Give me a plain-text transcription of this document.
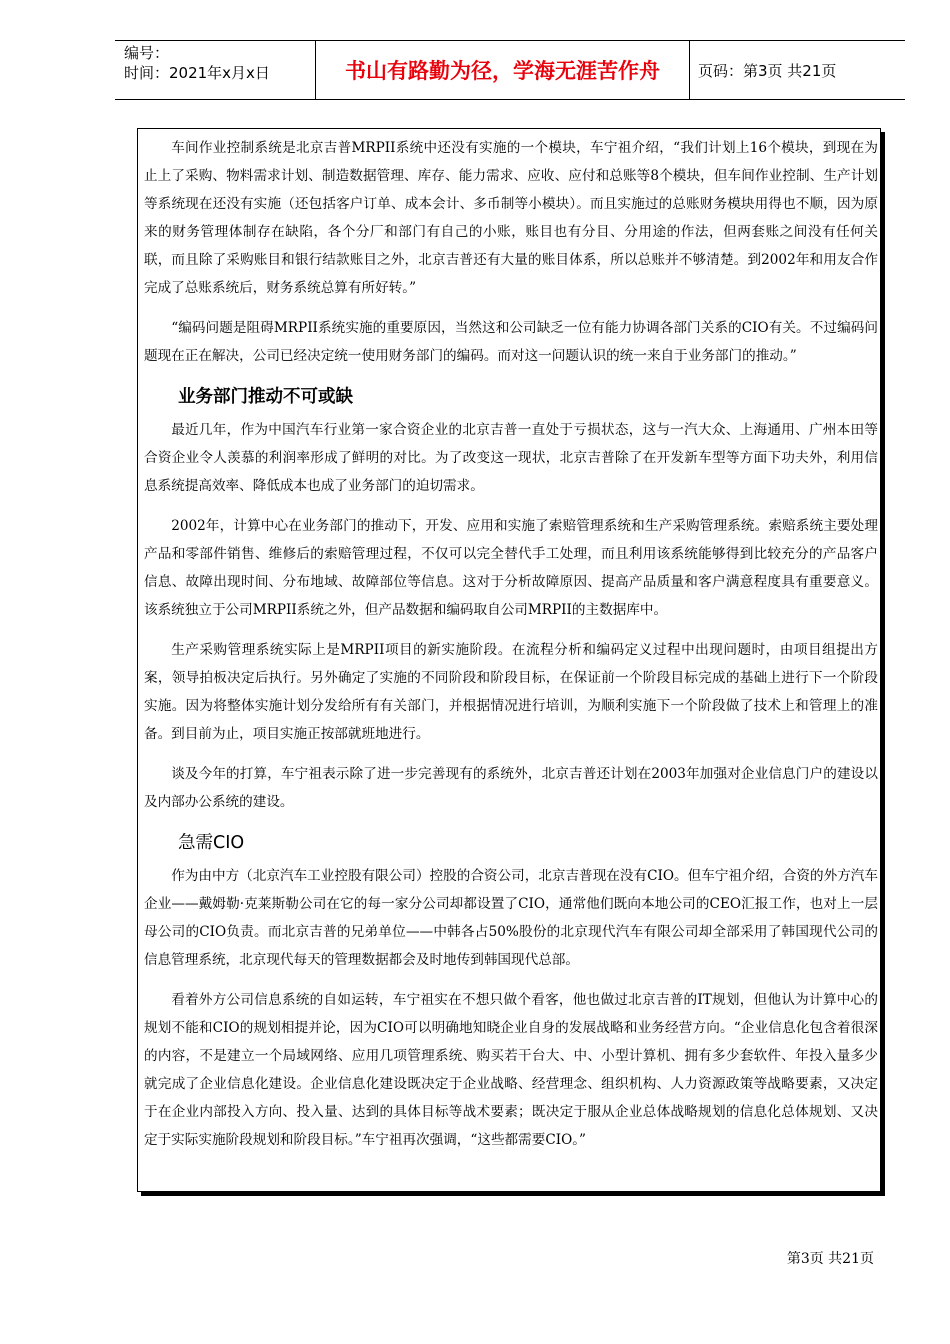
编号：
时间：2021年x月x日	书山有路勤为径，学海无涯苦作舟	页码：第3页 共21页

车间作业控制系统是北京吉普MRPII系统中还没有实施的一个模块，车宁祖介绍，“我们计划上16个模块，到现在为止上了采购、物料需求计划、制造数据管理、库存、能力需求、应收、应付和总账等8个模块，但车间作业控制、生产计划等系统现在还没有实施（还包括客户订单、成本会计、多币制等小模块）。而且实施过的总账财务模块用得也不顺，因为原来的财务管理体制存在缺陷，各个分厂和部门有自己的小账，账目也有分目、分用途的作法，但两套账之间没有任何关联，而且除了采购账目和银行结款账目之外，北京吉普还有大量的账目体系，所以总账并不够清楚。到2002年和用友合作完成了总账系统后，财务系统总算有所好转。”

“编码问题是阻碍MRPII系统实施的重要原因，当然这和公司缺乏一位有能力协调各部门关系的CIO有关。不过编码问题现在正在解决，公司已经决定统一使用财务部门的编码。而对这一问题认识的统一来自于业务部门的推动。”

业务部门推动不可或缺

最近几年，作为中国汽车行业第一家合资企业的北京吉普一直处于亏损状态，这与一汽大众、上海通用、广州本田等合资企业令人羡慕的利润率形成了鲜明的对比。为了改变这一现状，北京吉普除了在开发新车型等方面下功夫外，利用信息系统提高效率、降低成本也成了业务部门的迫切需求。

2002年，计算中心在业务部门的推动下，开发、应用和实施了索赔管理系统和生产采购管理系统。索赔系统主要处理产品和零部件销售、维修后的索赔管理过程，不仅可以完全替代手工处理，而且利用该系统能够得到比较充分的产品客户信息、故障出现时间、分布地域、故障部位等信息。这对于分析故障原因、提高产品质量和客户满意程度具有重要意义。该系统独立于公司MRPII系统之外，但产品数据和编码取自公司MRPII的主数据库中。

生产采购管理系统实际上是MRPII项目的新实施阶段。在流程分析和编码定义过程中出现问题时，由项目组提出方案，领导拍板决定后执行。另外确定了实施的不同阶段和阶段目标，在保证前一个阶段目标完成的基础上进行下一个阶段实施。因为将整体实施计划分发给所有有关部门，并根据情况进行培训，为顺利实施下一个阶段做了技术上和管理上的准备。到目前为止，项目实施正按部就班地进行。

谈及今年的打算，车宁祖表示除了进一步完善现有的系统外，北京吉普还计划在2003年加强对企业信息门户的建设以及内部办公系统的建设。

急需CIO

作为由中方（北京汽车工业控股有限公司）控股的合资公司，北京吉普现在没有CIO。但车宁祖介绍，合资的外方汽车企业——戴姆勒·克莱斯勒公司在它的每一家分公司却都设置了CIO，通常他们既向本地公司的CEO汇报工作，也对上一层母公司的CIO负责。而北京吉普的兄弟单位——中韩各占50%股份的北京现代汽车有限公司却全部采用了韩国现代公司的信息管理系统，北京现代每天的管理数据都会及时地传到韩国现代总部。

看着外方公司信息系统的自如运转，车宁祖实在不想只做个看客，他也做过北京吉普的IT规划，但他认为计算中心的规划不能和CIO的规划相提并论，因为CIO可以明确地知晓企业自身的发展战略和业务经营方向。“企业信息化包含着很深的内容，不是建立一个局域网络、应用几项管理系统、购买若干台大、中、小型计算机、拥有多少套软件、年投入量多少就完成了企业信息化建设。企业信息化建设既决定于企业战略、经营理念、组织机构、人力资源政策等战略要素，又决定于在企业内部投入方向、投入量、达到的具体目标等战术要素；既决定于服从企业总体战略规划的信息化总体规划、又决定于实际实施阶段规划和阶段目标。”车宁祖再次强调，“这些都需要CIO。”

第3页 共21页
